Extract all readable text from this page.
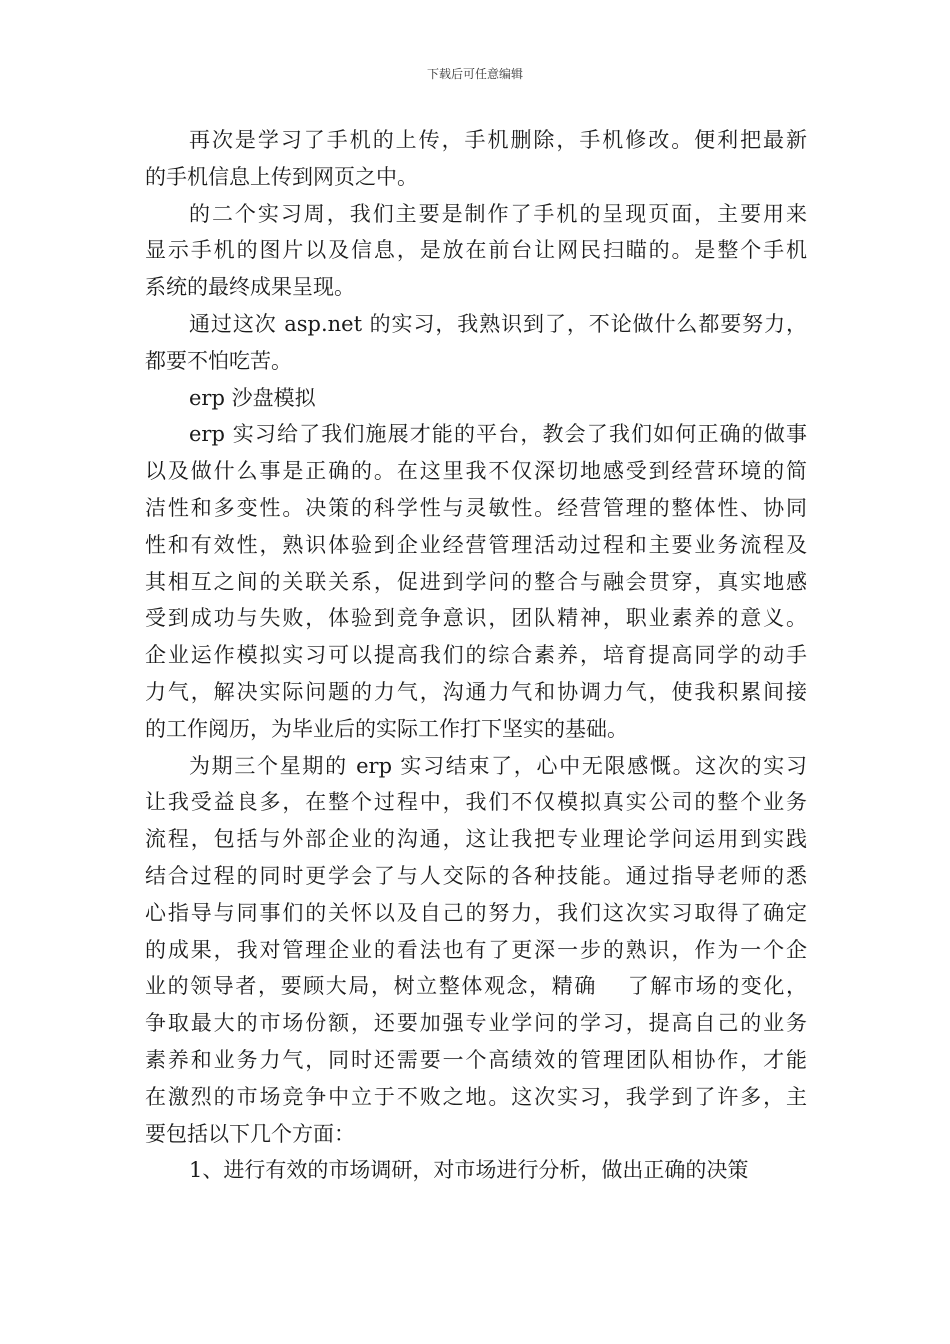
下载后可任意编辑
再次是学习了手机的上传，手机删除，手机修改。便利把最新
的手机信息上传到网页之中。
的二个实习周，我们主要是制作了手机的呈现页面，主要用来
显示手机的图片以及信息，是放在前台让网民扫瞄的。是整个手机
系统的最终成果呈现。
通过这次 asp.net 的实习，我熟识到了，不论做什么都要努力，
都要不怕吃苦。
erp 沙盘模拟
erp 实习给了我们施展才能的平台，教会了我们如何正确的做事
以及做什么事是正确的。在这里我不仅深切地感受到经营环境的简
洁性和多变性。决策的科学性与灵敏性。经营管理的整体性、协同
性和有效性，熟识体验到企业经营管理活动过程和主要业务流程及
其相互之间的关联关系，促进到学问的整合与融会贯穿，真实地感
受到成功与失败，体验到竞争意识，团队精神，职业素养的意义。
企业运作模拟实习可以提高我们的综合素养，培育提高同学的动手
力气，解决实际问题的力气，沟通力气和协调力气，使我积累间接
的工作阅历，为毕业后的实际工作打下坚实的基础。
为期三个星期的 erp 实习结束了，心中无限感慨。这次的实习
让我受益良多，在整个过程中，我们不仅模拟真实公司的整个业务
流程，包括与外部企业的沟通，这让我把专业理论学问运用到实践
结合过程的同时更学会了与人交际的各种技能。通过指导老师的悉
心指导与同事们的关怀以及自己的努力，我们这次实习取得了确定
的成果，我对管理企业的看法也有了更深一步的熟识，作为一个企
业的领导者，要顾大局，树立整体观念，精确　 了解市场的变化，
争取最大的市场份额，还要加强专业学问的学习，提高自己的业务
素养和业务力气，同时还需要一个高绩效的管理团队相协作，才能
在激烈的市场竞争中立于不败之地。这次实习，我学到了许多，主
要包括以下几个方面：
1、进行有效的市场调研，对市场进行分析，做出正确的决策
